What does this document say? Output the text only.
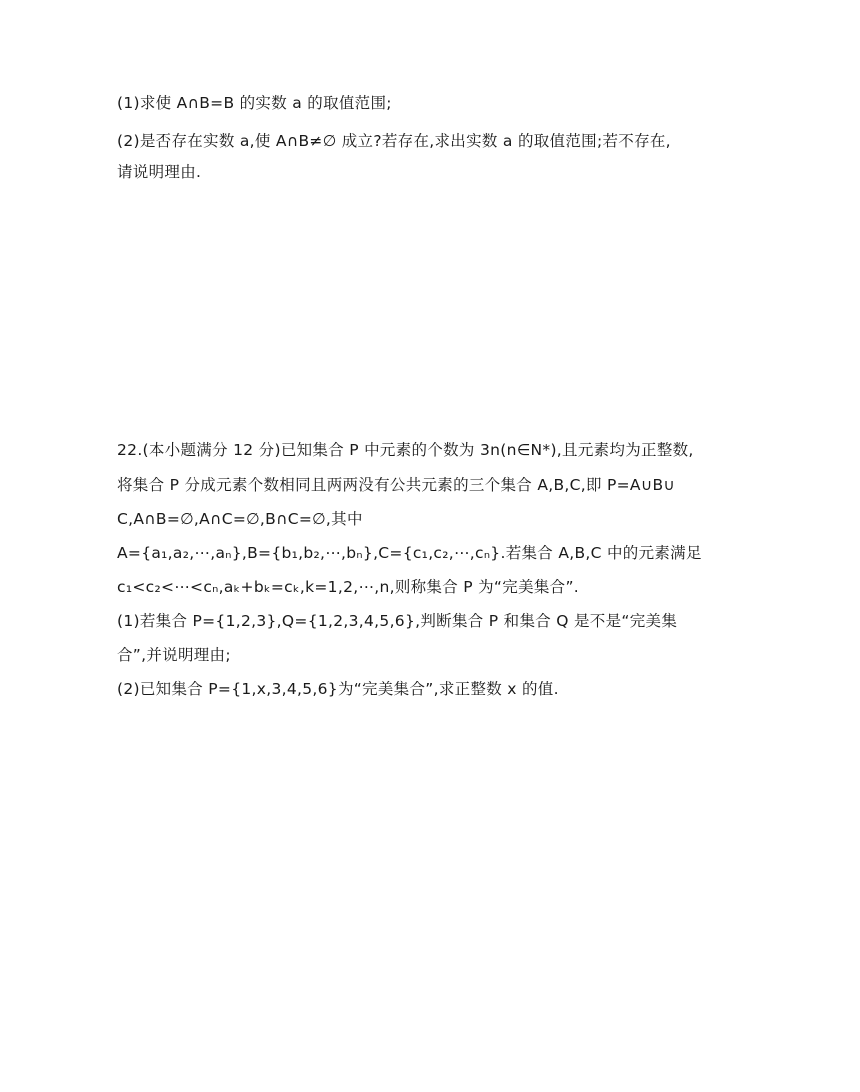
(1)求使 A∩B=B 的实数 a 的取值范围;
(2)是否存在实数 a,使 A∩B≠∅ 成立?若存在,求出实数 a 的取值范围;若不存在,
请说明理由.
22.(本小题满分 12 分)已知集合 P 中元素的个数为 3n(n∈N*),且元素均为正整数,
将集合 P 分成元素个数相同且两两没有公共元素的三个集合 A,B,C,即 P=A∪B∪
C,A∩B=∅,A∩C=∅,B∩C=∅,其中
A={a₁,a₂,⋯,aₙ},B={b₁,b₂,⋯,bₙ},C={c₁,c₂,⋯,cₙ}.若集合 A,B,C 中的元素满足
c₁<c₂<⋯<cₙ,aₖ+bₖ=cₖ,k=1,2,⋯,n,则称集合 P 为“完美集合”.
(1)若集合 P={1,2,3},Q={1,2,3,4,5,6},判断集合 P 和集合 Q 是不是“完美集
合”,并说明理由;
(2)已知集合 P={1,x,3,4,5,6}为“完美集合”,求正整数 x 的值.
